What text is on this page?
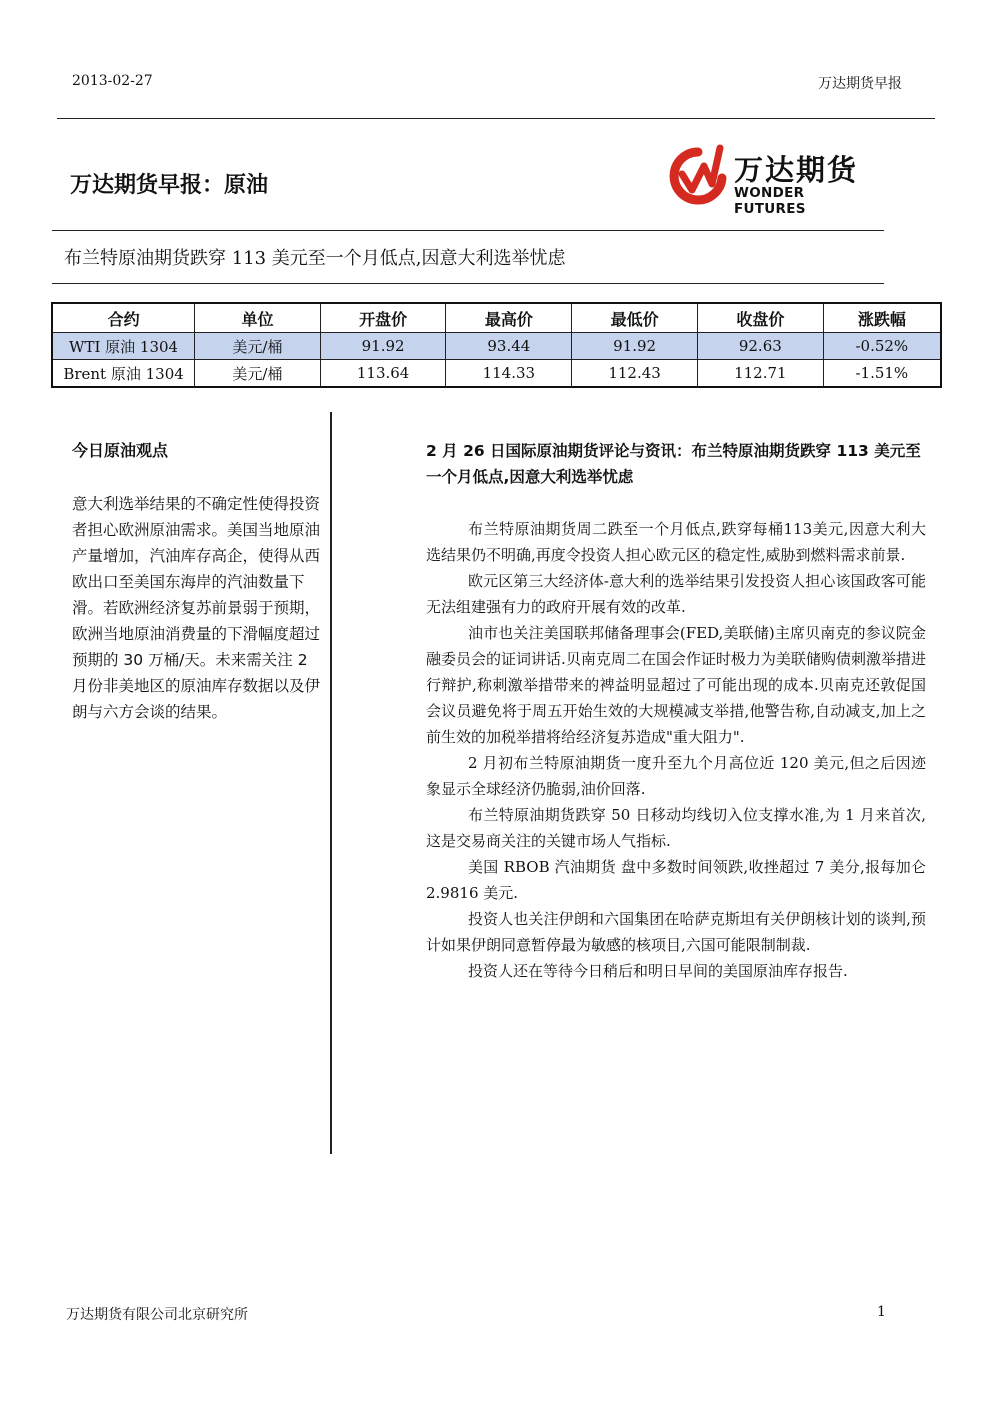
2013-02-27	万达期货早报
万达期货早报：原油	万达期货
WONDER FUTURES
布兰特原油期货跌穿 113 美元至一个月低点,因意大利选举忧虑
合约	单位	开盘价	最高价	最低价	收盘价	涨跌幅
WTI 原油 1304	美元/桶	91.92	93.44	91.92	92.63	-0.52%
Brent 原油 1304	美元/桶	113.64	114.33	112.43	112.71	-1.51%
今日原油观点

意大利选举结果的不确定性使得投资者担心欧洲原油需求。美国当地原油产量增加，汽油库存高企，使得从西欧出口至美国东海岸的汽油数量下滑。若欧洲经济复苏前景弱于预期，欧洲当地原油消费量的下滑幅度超过预期的 30 万桶/天。未来需关注 2 月份非美地区的原油库存数据以及伊朗与六方会谈的结果。

2 月 26 日国际原油期货评论与资讯：布兰特原油期货跌穿 113 美元至一个月低点,因意大利选举忧虑

布兰特原油期货周二跌至一个月低点,跌穿每桶113美元,因意大利大选结果仍不明确,再度令投资人担心欧元区的稳定性,威胁到燃料需求前景.

欧元区第三大经济体-意大利的选举结果引发投资人担心该国政客可能无法组建强有力的政府开展有效的改革.

油市也关注美国联邦储备理事会(FED,美联储)主席贝南克的参议院金融委员会的证词讲话.贝南克周二在国会作证时极力为美联储购债刺激举措进行辩护,称刺激举措带来的裨益明显超过了可能出现的成本.贝南克还敦促国会议员避免将于周五开始生效的大规模减支举措,他警告称,自动减支,加上之前生效的加税举措将给经济复苏造成"重大阻力".

2 月初布兰特原油期货一度升至九个月高位近 120 美元,但之后因迹象显示全球经济仍脆弱,油价回落.

布兰特原油期货跌穿 50 日移动均线切入位支撑水准,为 1 月来首次,这是交易商关注的关键市场人气指标.

美国 RBOB 汽油期货 盘中多数时间领跌,收挫超过 7 美分,报每加仑 2.9816 美元.

投资人也关注伊朗和六国集团在哈萨克斯坦有关伊朗核计划的谈判,预计如果伊朗同意暂停最为敏感的核项目,六国可能限制制裁.

投资人还在等待今日稍后和明日早间的美国原油库存报告.

万达期货有限公司北京研究所	1
